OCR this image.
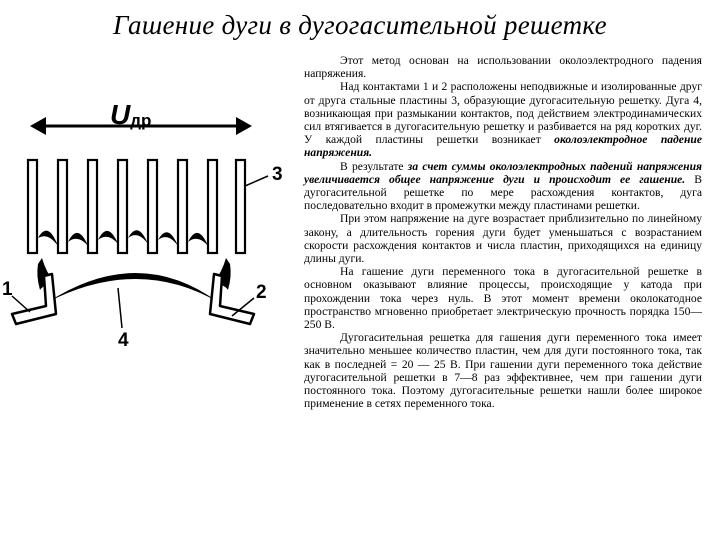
Гашение дуги в дугогасительной решетке
Uдр
3
1	2
4

Этот метод основан на использовании околоэлектродного падения напряжения.

Над контактами 1 и 2 расположены неподвижные и изолированные друг от друга стальные пластины 3, образующие дугогасительную решетку. Дуга 4, возникающая при размыкании контактов, под действием электродинамических сил втягивается в дугогасительную решетку и разбивается на ряд коротких дуг. У каждой пластины решетки возникает околоэлектродное падение напряжения.

В результате за счет суммы околоэлектродных падений напряжения увеличивается общее напряжение дуги и происходит ее гашение. В дугогасительной решетке по мере расхождения контактов, дуга последовательно входит в промежутки между пластинами решетки.

При этом напряжение на дуге возрастает приблизительно по линейному закону, а длительность горения дуги будет уменьшаться с возрастанием скорости расхождения контактов и числа пластин, приходящихся на единицу длины дуги.

На гашение дуги переменного тока в дугогасительной решетке в основном оказывают влияние процессы, происходящие у катода при прохождении тока через нуль. В этот момент времени околокатодное пространство мгновенно приобретает электрическую прочность порядка 150—250 В.

Дугогасительная решетка для гашения дуги переменного тока имеет значительно меньшее количество пластин, чем для дуги постоянного тока, так как в последней = 20 — 25 В. При гашении дуги переменного тока действие дугогасительной решетки в 7—8 раз эффективнее, чем при гашении дуги постоянного тока. Поэтому дугогасительные решетки нашли более широкое применение в сетях переменного тока.
